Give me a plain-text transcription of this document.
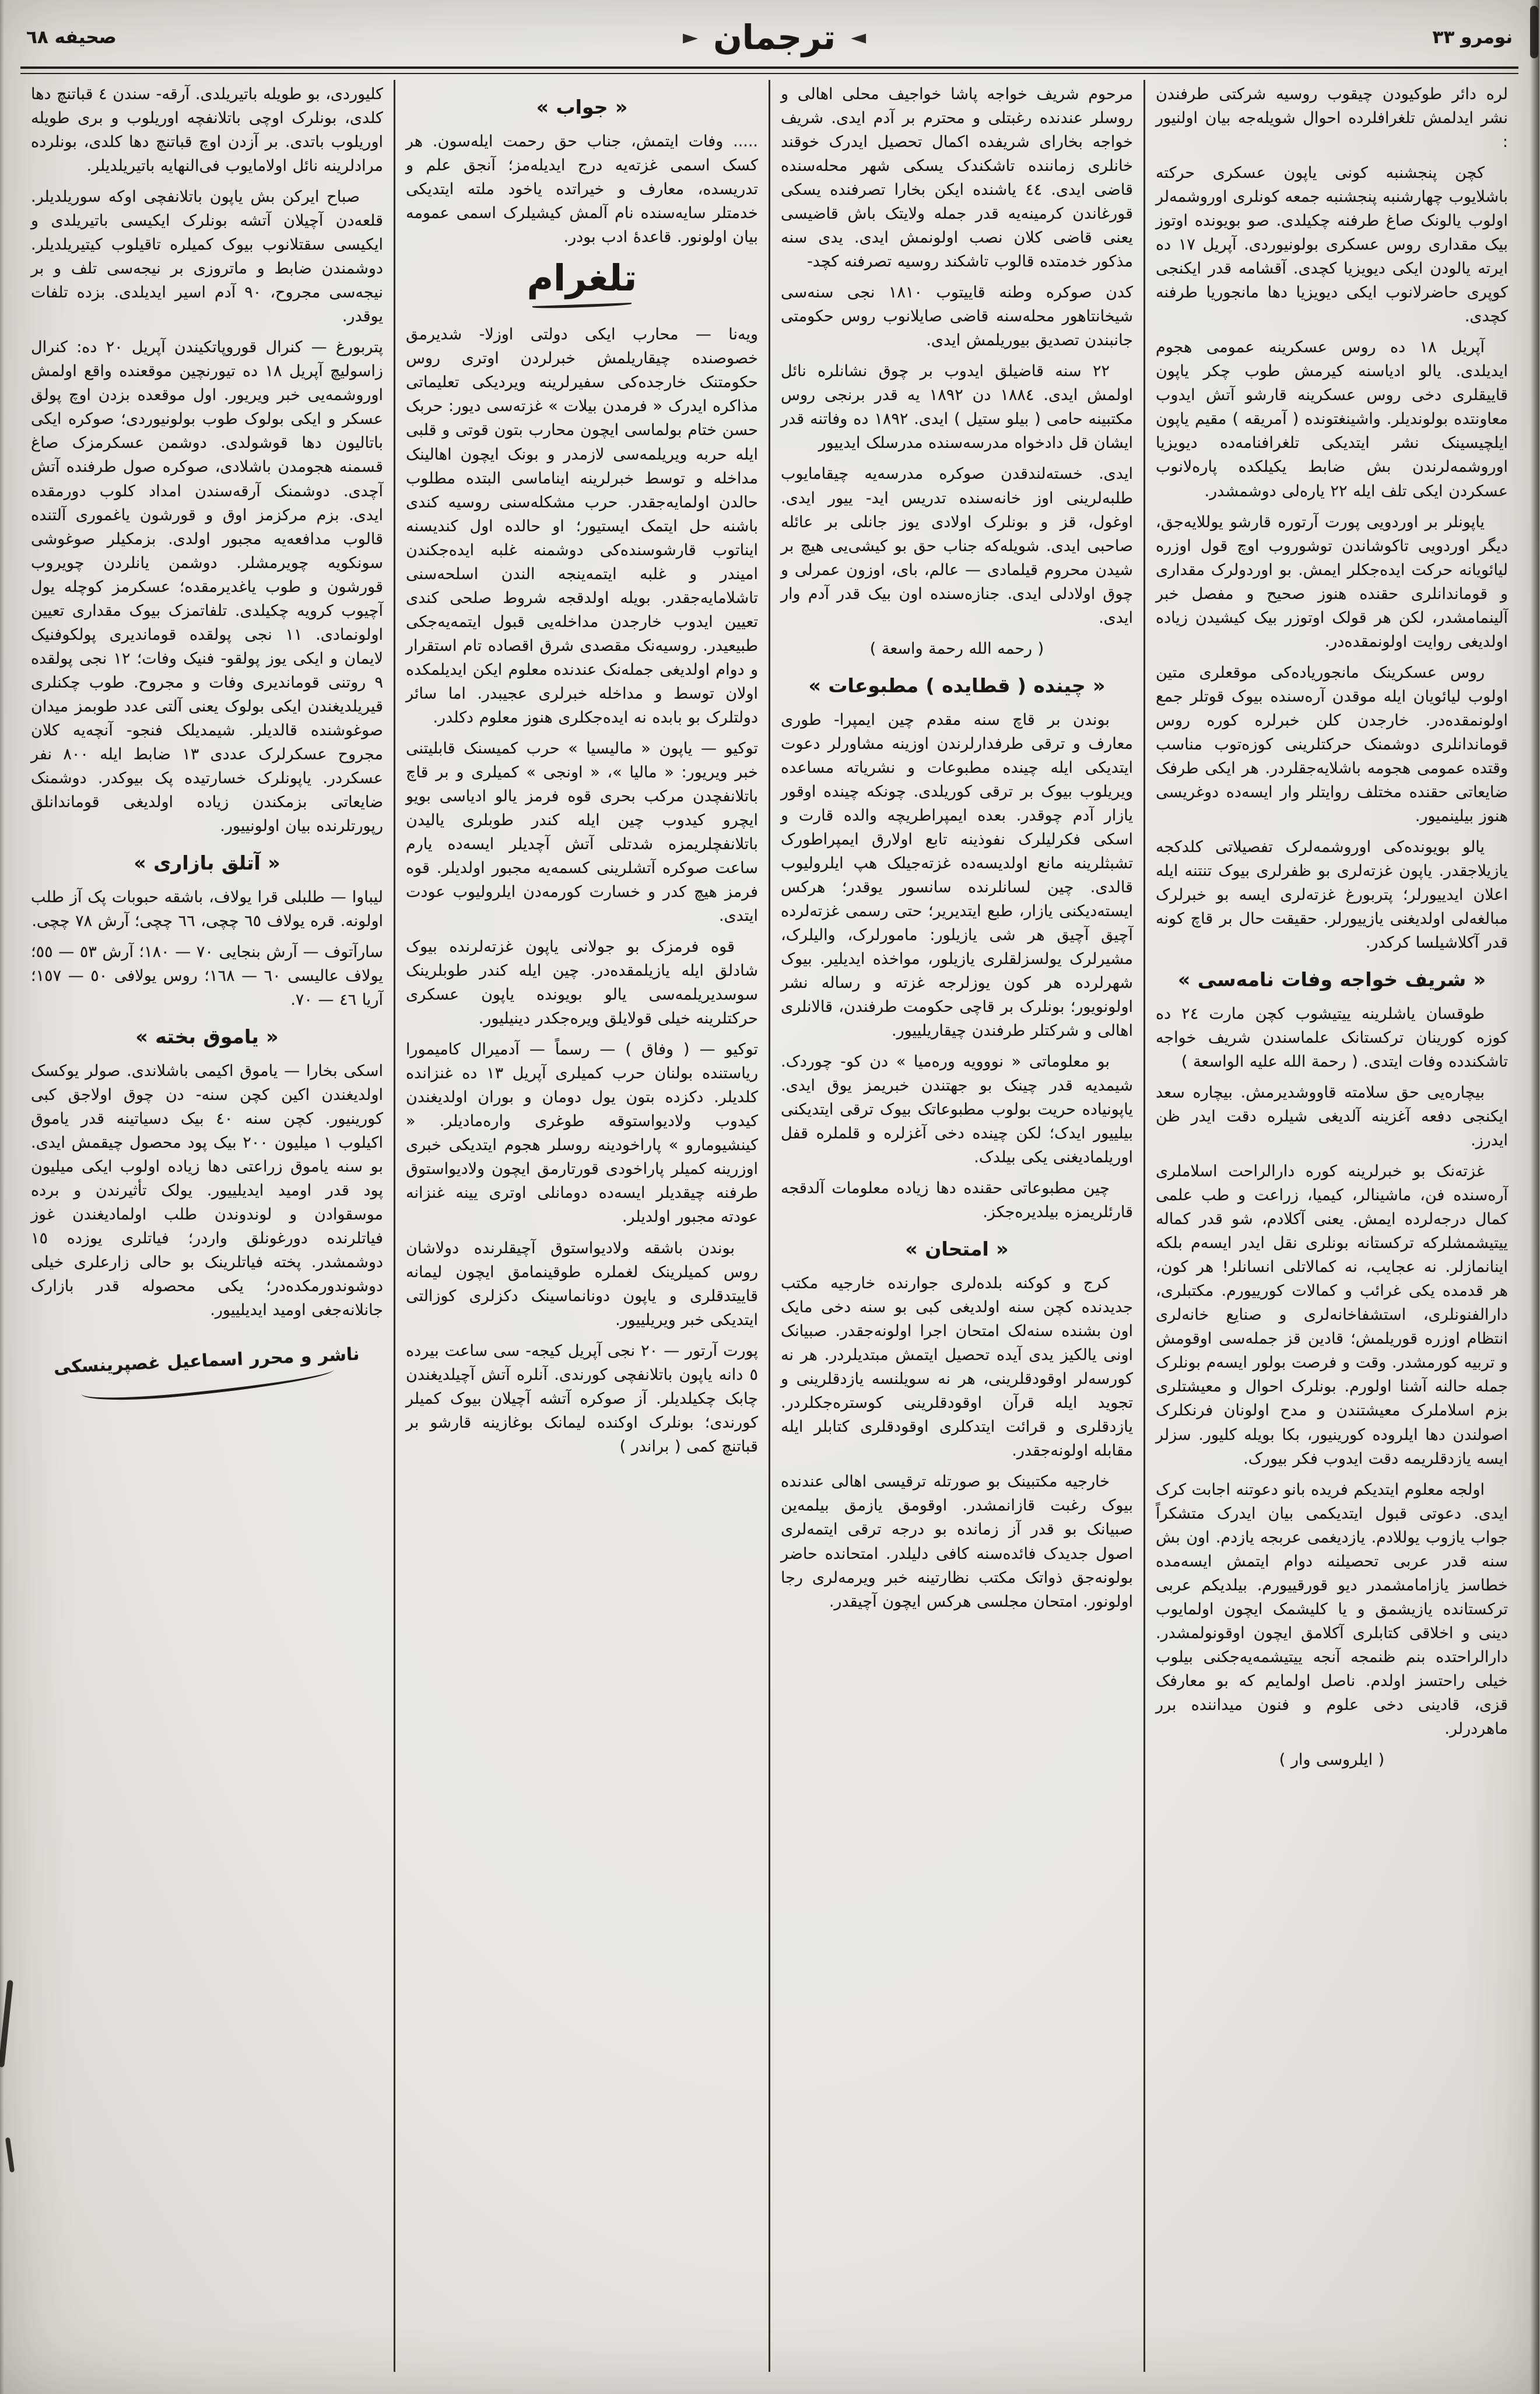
نومرو ٣٣
◄
ترجمان
►
صحيفه ٦٨

لره دائر طوکیودن چیقوب روسیه شرکتی طرفندن نشر ایدلمش تلغرافلرده احوال شویله‌جه بیان اولنیور :

کچن پنجشنبه کونی یاپون عسکری حرکته باشلایوب چهارشنبه پنجشنبه جمعه کونلری اوروشمه‌لر اولوب یالونک صاغ طرفنه چکیلدی. صو بویونده اوتوز بیک مقداری روس عسکری بولونیوردی. آپریل ١٧ ده ایرته یالودن ایکی دیویزیا کچدی. آقشامه قدر ایکنجی کوپری حاضرلانوب ایکی دیویزیا دها مانجوریا طرفنه کچدی.

آپریل ١٨ ده روس عسکرینه عمومی هجوم ایدیلدی. یالو ادیاسنه کیرمش طوب چکر یاپون قاییقلری دخی روس عسکرینه قارشو آتش ایدوب معاونتده بولوندیلر. واشینغتونده ( آمریقه ) مقیم یاپون ایلچیسینک نشر ایتدیکی تلغرافنامه‌ده دیویزیا اوروشمه‌لرندن بش ضابط یکیلکده پاره‌لانوب عسکردن ایکی تلف ایله ٢٢ یاره‌لی دوشمشدر.

یاپونلر بر اوردویی پورت آرتوره قارشو یوللایه‌جق، دیگر اوردویی تاکوشاندن توشوروب اوچ قول اوزره لیائویانه حرکت ایده‌جکلر ایمش. بو اوردولرک مقداری و قوماندانلری حقنده هنوز صحیح و مفصل خبر آلینمامشدر، لکن هر قولک اوتوزر بیک کیشیدن زیاده اولدیغی روایت اولونمقده‌در.

روس عسکرینک مانجوریاده‌کی موقعلری متین اولوب لیائویان ایله موقدن آره‌سنده بیوک قوتلر جمع اولونمقده‌در. خارجدن کلن خبرلره کوره روس قوماندانلری دوشمنک حرکتلرینی کوزه‌توب مناسب وقتده عمومی هجومه باشلایه‌جقلردر. هر ایکی طرفک ضایعاتی حقنده مختلف روایتلر وار ایسه‌ده دوغریسی هنوز بیلینمیور.

یالو بویونده‌کی اوروشمه‌لرک تفصیلاتی کلدکجه یازیلاجقدر. یاپون غزته‌لری بو ظفرلری بیوک تنتنه ایله اعلان ایدییورلر؛ پتربورغ غزته‌لری ایسه بو خبرلرک مبالغه‌لی اولدیغنی یازییورلر. حقیقت حال بر قاچ کونه قدر آکلاشیلسا کرکدر.

« شریف خواجه وفات نامه‌سی »

طوقسان یاشلرینه ییتیشوب کچن مارت ٢٤ ده کوزه کورینان ترکستانک علماسندن شریف خواجه تاشکندده وفات ایتدی. ( رحمة الله علیه الواسعة )

بیچاره‌یی حق سلامته قاووشدیرمش. بیچاره سعد ایکنجی دفعه آغزینه آلدیغی شیلره دقت ایدر ظن ایدرز.

غزته‌نک بو خبرلرینه کوره دارالراحت اسلاملری آره‌سنده فن، ماشینالر، کیمیا، زراعت و طب علمی کمال درجه‌لرده ایمش. یعنی آکلادم، شو قدر کماله ییتیشمشلرکه ترکستانه بونلری نقل ایدر ایسه‌م بلکه اینانمازلر. نه عجایب، نه کمالاتلی انسانلر! هر کون، هر قدمده یکی غرائب و کمالات کورییورم. مکتبلری، دارالفنونلری، استشفاخانه‌لری و صنایع خانه‌لری انتظام اوزره قوریلمش؛ قادین قز جمله‌سی اوقومش و تربیه کورمشدر. وقت و فرصت بولور ایسه‌م بونلرک جمله حالنه آشنا اولورم. بونلرک احوال و معیشتلری بزم اسلاملرک معیشتندن و مدح اولونان فرنکلرک اصولندن دها ایلروده کورینیور، بکا بویله کلیور. سزلر ایسه یازدقلریمه دقت ایدوب فکر بیورک.

اولجه معلوم ایتدیکم فریده بانو دعوتنه اجابت کرک ایدی. دعوتی قبول ایتدیکمی بیان ایدرک متشکراً جواب یازوب یوللادم. یازدیغمی عربجه یازدم. اون بش سنه قدر عربی تحصیلنه دوام ایتمش ایسه‌مده خطاسز یازامامشمدر دیو قورقییورم. بیلدیکم عربی ترکستانده یازیشمق و یا کلیشمک ایچون اولمایوب دینی و اخلاقی کتابلری آکلامق ایچون اوقونولمشدر. دارالراحتده بنم ظنمجه آنجه ییتیشمه‌یه‌جکنی بیلوب خیلی راحتسز اولدم. ناصل اولمایم که بو معارفک قزی، قادینی دخی علوم و فنون میداننده برر ماهردرلر.

( ایلروسی وار )

مرحوم شریف خواجه پاشا خواجیف محلی اهالی و روسلر عندنده رغبتلی و محترم بر آدم ایدی. شریف خواجه بخارای شریفده اکمال تحصیل ایدرک خوقند خانلری زماننده تاشکندک یسکی شهر محله‌سنده قاضی ایدی. ٤٤ یاشنده ایکن بخارا تصرفنده یسکی قورغاندن کرمینه‌یه قدر جمله ولایتک باش قاضیسی یعنی قاضی کلان نصب اولونمش ایدی. یدی سنه مذکور خدمتده قالوب تاشکند روسیه تصرفنه کچد-

کدن صوکره وطنه قاییتوب ١٨١٠ نجی سنه‌سی شیخانتاهور محله‌سنه قاضی صایلانوب روس حکومتی جانبندن تصدیق بیوریلمش ایدی.

٢٢ سنه قاضیلق ایدوب بر چوق نشانلره نائل اولمش ایدی. ١٨٨٤ دن ١٨٩٢ یه قدر برنجی روس مکتبینه حامی ( بیلو ستیل ) ایدی. ١٨٩٢ ده وفاتنه قدر ایشان قل دادخواه مدرسه‌سنده مدرسلک ایدییور

ایدی. خسته‌لندقدن صوکره مدرسه‌یه چیقامایوب طلبه‌لرینی اوز خانه‌سنده تدریس اید- ییور ایدی. اوغول، قز و بونلرک اولادی یوز جانلی بر عائله صاحبی ایدی. شویله‌که جناب حق بو کیشی‌یی هیچ بر شیدن محروم قیلمادی — عالم، بای، اوزون عمرلی و چوق اولادلی ایدی. جنازه‌سنده اون بیک قدر آدم وار ایدی.

( رحمه الله رحمة واسعة )

« چینده ( قطایده ) مطبوعات »

بوندن بر قاچ سنه مقدم چین ایمپرا- طوری معارف و ترقی طرفدارلرندن اوزینه مشاورلر دعوت ایتدیکی ایله چینده مطبوعات و نشریاته مساعده ویریلوب بیوک بر ترقی کوریلدی. چونکه چینده اوقور یازار آدم چوقدر. بعده ایمپراطریچه والده قارت و اسکی فکرلیلرک نفوذینه تابع اولارق ایمپراطورک تشبثلرینه مانع اولدیسه‌ده غزته‌جیلک هپ ایلرولیوب قالدی. چین لسانلرنده سانسور یوقدر؛ هرکس ایسته‌دیکنی یازار، طبع ایتدیریر؛ حتی رسمی غزته‌لرده آچیق آچیق هر شی یازیلور: مامورلرک، والیلرک، مشیرلرک یولسزلقلری یازیلور، مواخذه ایدیلیر. بیوک شهرلرده هر کون یوزلرجه غزته و رساله نشر اولونویور؛ بونلرک بر قاچی حکومت طرفندن، قالانلری اهالی و شرکتلر طرفندن چیقاریلییور.

بو معلوماتی « نووویه وره‌میا » دن کو- چوردک. شیمدیه قدر چینک بو جهتندن خبریمز یوق ایدی. یاپونیاده حریت بولوب مطبوعاتک بیوک ترقی ایتدیکنی بیلییور ایدک؛ لکن چینده دخی آغزلره و قلملره قفل اوریلمادیغنی یکی بیلدک.

چین مطبوعاتی حقنده دها زیاده معلومات آلدقجه قارئلریمزه بیلدیره‌جکز.

« امتحان »

کرج و کوکنه بلده‌لری جوارنده خارجیه مکتب جدیدنده کچن سنه اولدیغی کبی بو سنه دخی مایک اون بشنده سنه‌لک امتحان اجرا اولونه‌جقدر. صبیانک اونی یالکیز یدی آیده تحصیل ایتمش مبتدیلردر. هر نه کورسه‌لر اوقودقلرینی، هر نه سویلنسه یازدقلرینی و تجوید ایله قرآن اوقودقلرینی کوستره‌جکلردر. یازدقلری و قرائت ایتدکلری اوقودقلری کتابلر ایله مقابله اولونه‌جقدر.

خارجیه مکتبینک بو صورتله ترقیسی اهالی عندنده بیوک رغبت قازانمشدر. اوقومق یازمق بیلمه‌ین صبیانک بو قدر آز زمانده بو درجه ترقی ایتمه‌لری اصول جدیدک فائده‌سنه کافی دلیلدر. امتحانده حاضر بولونه‌جق ذواتک مکتب نظارتینه خبر ویرمه‌لری رجا اولونور. امتحان مجلسی هرکس ایچون آچیقدر.

« جواب »

..... وفات ایتمش، جناب حق رحمت ایله‌سون. هر کسک اسمی غزته‌یه درج ایدیله‌مز؛ آنجق علم و تدریسده، معارف و خیراتده یاخود ملته ایتدیکی خدمتلر سایه‌سنده نام آلمش کیشیلرک اسمی عمومه بیان اولونور. قاعدهٔ ادب بودر.

تلغرام

ویه‌نا — محارب ایکی دولتی اوزلا- شدیرمق خصوصنده چیقاریلمش خبرلردن اوتری روس حکومتنک خارجده‌کی سفیرلرینه ویردیکی تعلیماتی مذاکره ایدرک « فرمدن بیلات » غزته‌سی دیور: حربک حسن ختام بولماسی ایچون محارب بتون قوتی و قلبی ایله حربه ویریلمه‌سی لازمدر و بونک ایچون اهالینک مداخله و توسط خبرلرینه ایناماسی البتده مطلوب حالدن اولمایه‌جقدر. حرب مشکله‌سنی روسیه کندی باشنه حل ایتمک ایستیور؛ او حالده اول کندیسنه ایناتوب قارشوسنده‌کی دوشمنه غلبه ایده‌جکندن امیندر و غلبه ایتمه‌ینجه الندن اسلحه‌سنی تاشلامایه‌جقدر. بویله اولدقجه شروط صلحی کندی تعیین ایدوب خارجدن مداخله‌یی قبول ایتمه‌یه‌جکی طبیعیدر. روسیه‌نک مقصدی شرق اقصاده تام استقرار و دوام اولدیغی جمله‌نک عندنده معلوم ایکن ایدیلمکده اولان توسط و مداخله خبرلری عجیبدر. اما سائر دولتلرک بو بابده نه ایده‌جکلری هنوز معلوم دکلدر.

توکیو — یاپون « مالیسیا » حرب کمیسنک قابلیتنی خبر ویریور: « مالیا »، « اونجی » کمیلری و بر قاچ باتلانفچدن مرکب بحری قوه فرمز یالو ادیاسی بویو ایچرو کیدوب چین ایله کندر طوبلری یالیدن باتلانفچلریمزه شدتلی آتش آچدیلر ایسه‌ده یارم ساعت صوکره آتشلرینی کسمه‌یه مجبور اولدیلر. قوه فرمز هیچ کدر و خسارت کورمه‌دن ایلرولیوب عودت ایتدی.

قوه فرمزک بو جولانی یاپون غزته‌لرنده بیوک شادلق ایله یازیلمقده‌در. چین ایله کندر طوبلرینک سوسدیریلمه‌سی یالو بویونده یاپون عسکری حرکتلرینه خیلی قولایلق ویره‌جکدر دینیلیور.

توکیو — ( وفاق ) — رسماً — آدمیرال کامیمورا ریاستنده بولنان حرب کمیلری آپریل ١٣ ده غنزانده کلدیلر. دکزده بتون یول دومان و بوران اولدیغندن کیدوب ولادیواستوقه طوغری واره‌مادیلر. « کینشیومارو » پاراخودینه روسلر هجوم ایتدیکی خبری اوزرینه کمیلر پاراخودی قورتارمق ایچون ولادیواستوق طرفنه چیقدیلر ایسه‌ده دومانلی اوتری یینه غنزانه عودته مجبور اولدیلر.

بوندن باشقه ولادیواستوق آچیقلرنده دولاشان روس کمیلرینک لغملره طوقینمامق ایچون لیمانه قاییتدقلری و یاپون دونانماسینک دکزلری کوزالتی ایتدیکی خبر ویریلییور.

پورت آرتور — ٢٠ نجی آپریل کیجه- سی ساعت بیرده ٥ دانه یاپون باتلانفچی کورندی. آنلره آتش آچیلدیغندن چابک چکیلدیلر. آز صوکره آتشه آچیلان بیوک کمیلر کورندی؛ بونلرک اوکنده لیمانک بوغازینه قارشو بر قباتنچ کمی ( براندر )

کلیوردی، بو طویله باتیریلدی. آرقه- سندن ٤ قباتنچ دها کلدی، بونلرک اوچی باتلانفچه اوریلوب و بری طویله اوریلوب باتدی. بر آزدن اوچ قباتنچ دها کلدی، بونلرده مرادلرینه نائل اولامایوب فی‌النهایه باتیریلدیلر.

صباح ایرکن بش یاپون باتلانفچی اوکه سوریلدیلر. قلعه‌دن آچیلان آتشه بونلرک ایکیسی باتیریلدی و ایکیسی سقتلانوب بیوک کمیلره تاقیلوب کیتیریلدیلر. دوشمندن ضابط و ماتروزی بر نیجه‌سی تلف و بر نیجه‌سی مجروح، ٩٠ آدم اسیر ایدیلدی. بزده تلفات یوقدر.

پتربورغ — کنرال قوروپاتکیندن آپریل ٢٠ ده: کنرال زاسولیچ آپریل ١٨ ده تیورنچین موقعنده واقع اولمش اوروشمه‌یی خبر ویریور. اول موقعده بزدن اوچ پولق عسکر و ایکی بولوک طوب بولونیوردی؛ صوکره ایکی باتالیون دها قوشولدی. دوشمن عسکرمزک صاغ قسمنه هجومدن باشلادی، صوکره صول طرفنده آتش آچدی. دوشمنک آرقه‌سندن امداد کلوب دورمقده ایدی. بزم مرکزمز اوق و قورشون یاغموری آلتنده قالوب مدافعه‌یه مجبور اولدی. بزمکیلر صوغوشی سونکویه چویرمشلر. دوشمن یانلردن چویروب قورشون و طوب یاغدیرمقده؛ عسکرمز کوچله یول آچیوب کرویه چکیلدی. تلفاتمزک بیوک مقداری تعیین اولونمادی. ١١ نجی پولقده قوماندیری پولکوفنیک لایمان و ایکی یوز پولقو- فنیک وفات؛ ١٢ نجی پولقده ٩ روتنی قوماندیری وفات و مجروح. طوب چکنلری قیریلدیغندن ایکی بولوک یعنی آلتی عدد طوبمز میدان صوغوشنده قالدیلر. شیمدیلک فنجو- آنچه‌یه کلان مجروح عسکرلرک عددی ١٣ ضابط ایله ٨٠٠ نفر عسکردر. یاپونلرک خسارتیده پک بیوکدر. دوشمنک ضایعاتی بزمکندن زیاده اولدیغی قوماندانلق رپورتلرنده بیان اولونییور.

« آتلق بازاری »

لیباوا — طلبلی قرا یولاف، باشقه حبوبات پک آز طلب اولونه. قره یولاف ٦٥ چچی، ٦٦ چچی؛ آرش ٧٨ چچی.

سارآتوف — آرش بنجایی ٧٠ — ١٨٠؛ آرش ٥٣ — ٥٥؛ یولاف عالیسی ٦٠ — ١٦٨؛ روس یولافی ٥٠ — ١٥٧؛ آریا ٤٦ — ٧٠.

« یاموق بخته »

اسکی بخارا — یاموق اکیمی باشلاندی. صولر یوکسک اولدیغندن اکین کچن سنه- دن چوق اولاجق کبی کورینیور. کچن سنه ٤٠ بیک دسیاتینه قدر یاموق اکیلوب ١ میلیون ٢٠٠ بیک پود محصول چیقمش ایدی. بو سنه یاموق زراعتی دها زیاده اولوب ایکی میلیون پود قدر اومید ایدیلییور. یولک تأثیرندن و برده موسقوادن و لوندوندن طلب اولمادیغندن غوز فیاتلرنده دورغونلق واردر؛ فیاتلری یوزده ١٥ دوشمشدر. پخته فیاتلرینک بو حالی زارعلری خیلی دوشوندورمکده‌در؛ یکی محصوله قدر بازارک جانلانه‌جغی اومید ایدیلییور.

ناشر و محرر اسماعیل غصپرینسکی
